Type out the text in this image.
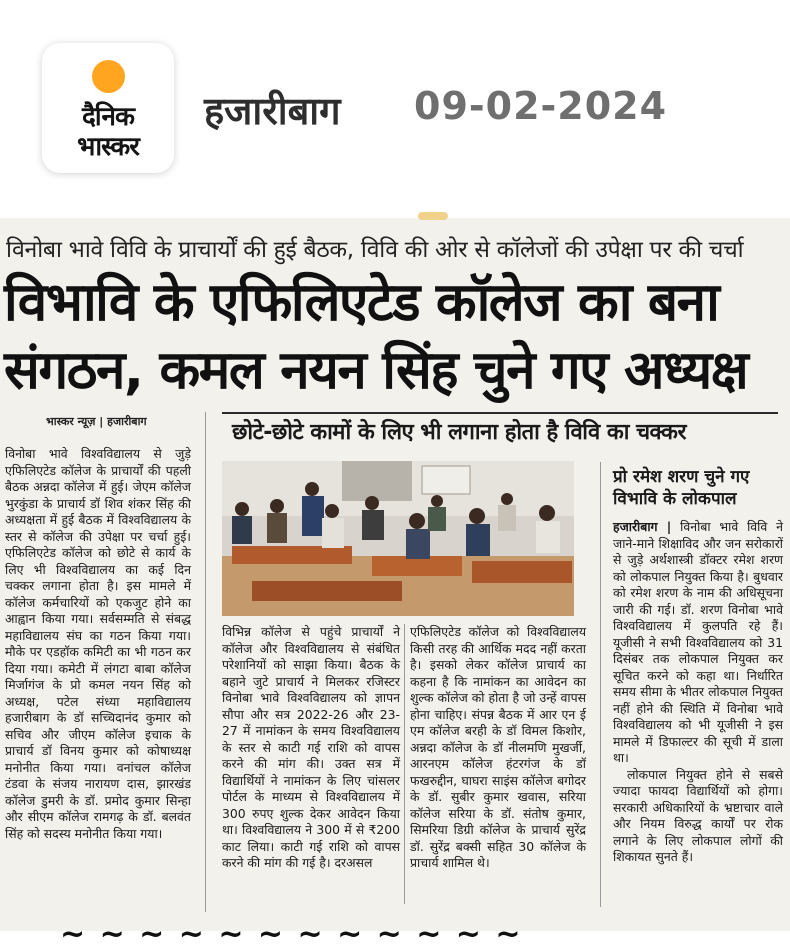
दैनिक
भास्कर
हजारीबाग 09-02-2024
विनोबा भावे विवि के प्राचार्यों की हुई बैठक, विवि की ओर से कॉलेजों की उपेक्षा पर की चर्चा
विभावि के एफिलिएटेड कॉलेज का बना
संगठन, कमल नयन सिंह चुने गए अध्यक्ष
भास्कर न्यूज़ | हजारीबाग

विनोबा भावे विश्वविद्यालय से जुड़े एफिलिएटेड कॉलेज के प्राचार्यों की पहली बैठक अन्नदा कॉलेज में हुई। जेएम कॉलेज भुरकुंडा के प्राचार्य डॉ शिव शंकर सिंह की अध्यक्षता में हुई बैठक में विश्वविद्यालय के स्तर से कॉलेज की उपेक्षा पर चर्चा हुई। एफिलिएटेड कॉलेज को छोटे से कार्य के लिए भी विश्वविद्यालय का कई दिन चक्कर लगाना होता है। इस मामले में कॉलेज कर्मचारियों को एकजुट होने का आह्वान किया गया। सर्वसम्मति से संबद्ध महाविद्यालय संघ का गठन किया गया। मौके पर एडहॉक कमिटी का भी गठन कर दिया गया। कमेटी में लंगटा बाबा कॉलेज मिर्जागंज के प्रो कमल नयन सिंह को अध्यक्ष, पटेल संध्या महाविद्यालय हजारीबाग के डॉ सच्चिदानंद कुमार को सचिव और जीएम कॉलेज इचाक के प्राचार्य डॉ विनय कुमार को कोषाध्यक्ष मनोनीत किया गया। वनांचल कॉलेज टंडवा के संजय नारायण दास, झारखंड कॉलेज डुमरी के डॉ. प्रमोद कुमार सिन्हा और सीएम कॉलेज रामगढ़ के डॉ. बलवंत सिंह को सदस्य मनोनीत किया गया।

छोटे-छोटे कामों के लिए भी लगाना होता है विवि का चक्कर

विभिन्न कॉलेज से पहुंचे प्राचार्यों ने कॉलेज और विश्वविद्यालय से संबंधित परेशानियों को साझा किया। बैठक के बहाने जुटे प्राचार्य ने मिलकर रजिस्टर विनोबा भावे विश्वविद्यालय को ज्ञापन सौपा और सत्र 2022-26 और 23-27 में नामांकन के समय विश्वविद्यालय के स्तर से काटी गई राशि को वापस करने की मांग की। उक्त सत्र में विद्यार्थियों ने नामांकन के लिए चांसलर पोर्टल के माध्यम से विश्वविद्यालय में 300 रुपए शुल्क देकर आवेदन किया था। विश्वविद्यालय ने 300 में से ₹200 काट लिया। काटी गई राशि को वापस करने की मांग की गई है। दरअसल

एफिलिएटेड कॉलेज को विश्वविद्यालय किसी तरह की आर्थिक मदद नहीं करता है। इसको लेकर कॉलेज प्राचार्य का कहना है कि नामांकन का आवेदन का शुल्क कॉलेज को होता है जो उन्हें वापस होना चाहिए। संपन्न बैठक में आर एन ई एम कॉलेज बरही के डॉ विमल किशोर, अन्नदा कॉलेज के डॉ नीलमणि मुखर्जी, आरनएम कॉलेज हंटरगंज के डॉ फखरुद्दीन, घाघरा साइंस कॉलेज बगोदर के डॉ. सुबीर कुमार खवास, सरिया कॉलेज सरिया के डॉ. संतोष कुमार, सिमरिया डिग्री कॉलेज के प्राचार्य सुरेंद्र डॉ. सुरेंद्र बक्सी सहित 30 कॉलेज के प्राचार्य शामिल थे।

प्रो रमेश शरण चुने गए विभावि के लोकपाल

हजारीबाग | विनोबा भावे विवि ने जाने-माने शिक्षाविद और जन सरोकारों से जुड़े अर्थशास्त्री डॉक्टर रमेश शरण को लोकपाल नियुक्त किया है। बुधवार को रमेश शरण के नाम की अधिसूचना जारी की गई। डॉ. शरण विनोबा भावे विश्वविद्यालय में कुलपति रहे हैं। यूजीसी ने सभी विश्वविद्यालय को 31 दिसंबर तक लोकपाल नियुक्त कर सूचित करने को कहा था। निर्धारित समय सीमा के भीतर लोकपाल नियुक्त नहीं होने की स्थिति में विनोबा भावे विश्वविद्यालय को भी यूजीसी ने इस मामले में डिफाल्टर की सूची में डाला था।

लोकपाल नियुक्त होने से सबसे ज्यादा फायदा विद्यार्थियों को होगा। सरकारी अधिकारियों के भ्रष्टाचार वाले और नियम विरुद्ध कार्यों पर रोक लगाने के लिए लोकपाल लोगों की शिकायत सुनते हैं।

~ ~ ~ ~ ~ ~ ~ ~ ~ ~ ~ ~
